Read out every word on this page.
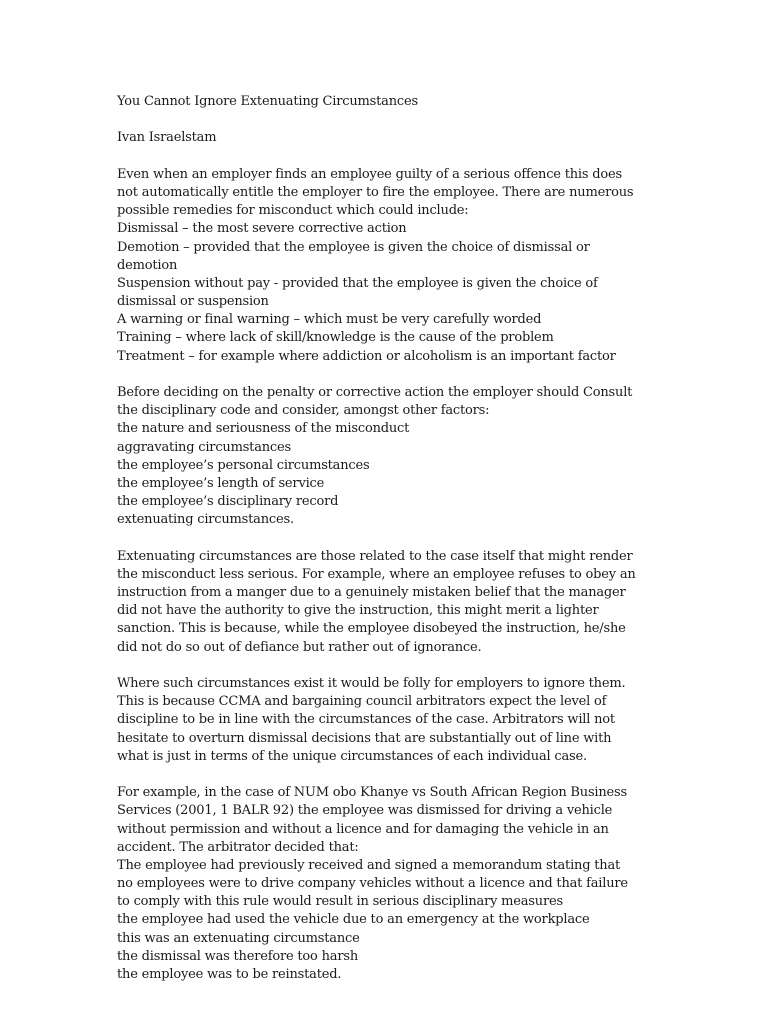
You Cannot Ignore Extenuating Circumstances
Ivan Israelstam
Even when an employer finds an employee guilty of a serious offence this does
not automatically entitle the employer to fire the employee. There are numerous
possible remedies for misconduct which could include:
Dismissal – the most severe corrective action
Demotion – provided that the employee is given the choice of dismissal or
demotion
Suspension without pay - provided that the employee is given the choice of
dismissal or suspension
A warning or final warning – which must be very carefully worded
Training – where lack of skill/knowledge is the cause of the problem
Treatment – for example where addiction or alcoholism is an important factor
Before deciding on the penalty or corrective action the employer should Consult
the disciplinary code and consider, amongst other factors:
the nature and seriousness of the misconduct
aggravating circumstances
the employee’s personal circumstances
the employee’s length of service
the employee’s disciplinary record
extenuating circumstances.
Extenuating circumstances are those related to the case itself that might render
the misconduct less serious. For example, where an employee refuses to obey an
instruction from a manger due to a genuinely mistaken belief that the manager
did not have the authority to give the instruction, this might merit a lighter
sanction. This is because, while the employee disobeyed the instruction, he/she
did not do so out of defiance but rather out of ignorance.
Where such circumstances exist it would be folly for employers to ignore them.
This is because CCMA and bargaining council arbitrators expect the level of
discipline to be in line with the circumstances of the case. Arbitrators will not
hesitate to overturn dismissal decisions that are substantially out of line with
what is just in terms of the unique circumstances of each individual case.
For example, in the case of NUM obo Khanye vs South African Region Business
Services (2001, 1 BALR 92) the employee was dismissed for driving a vehicle
without permission and without a licence and for damaging the vehicle in an
accident. The arbitrator decided that:
The employee had previously received and signed a memorandum stating that
no employees were to drive company vehicles without a licence and that failure
to comply with this rule would result in serious disciplinary measures
the employee had used the vehicle due to an emergency at the workplace
this was an extenuating circumstance
the dismissal was therefore too harsh
the employee was to be reinstated.
